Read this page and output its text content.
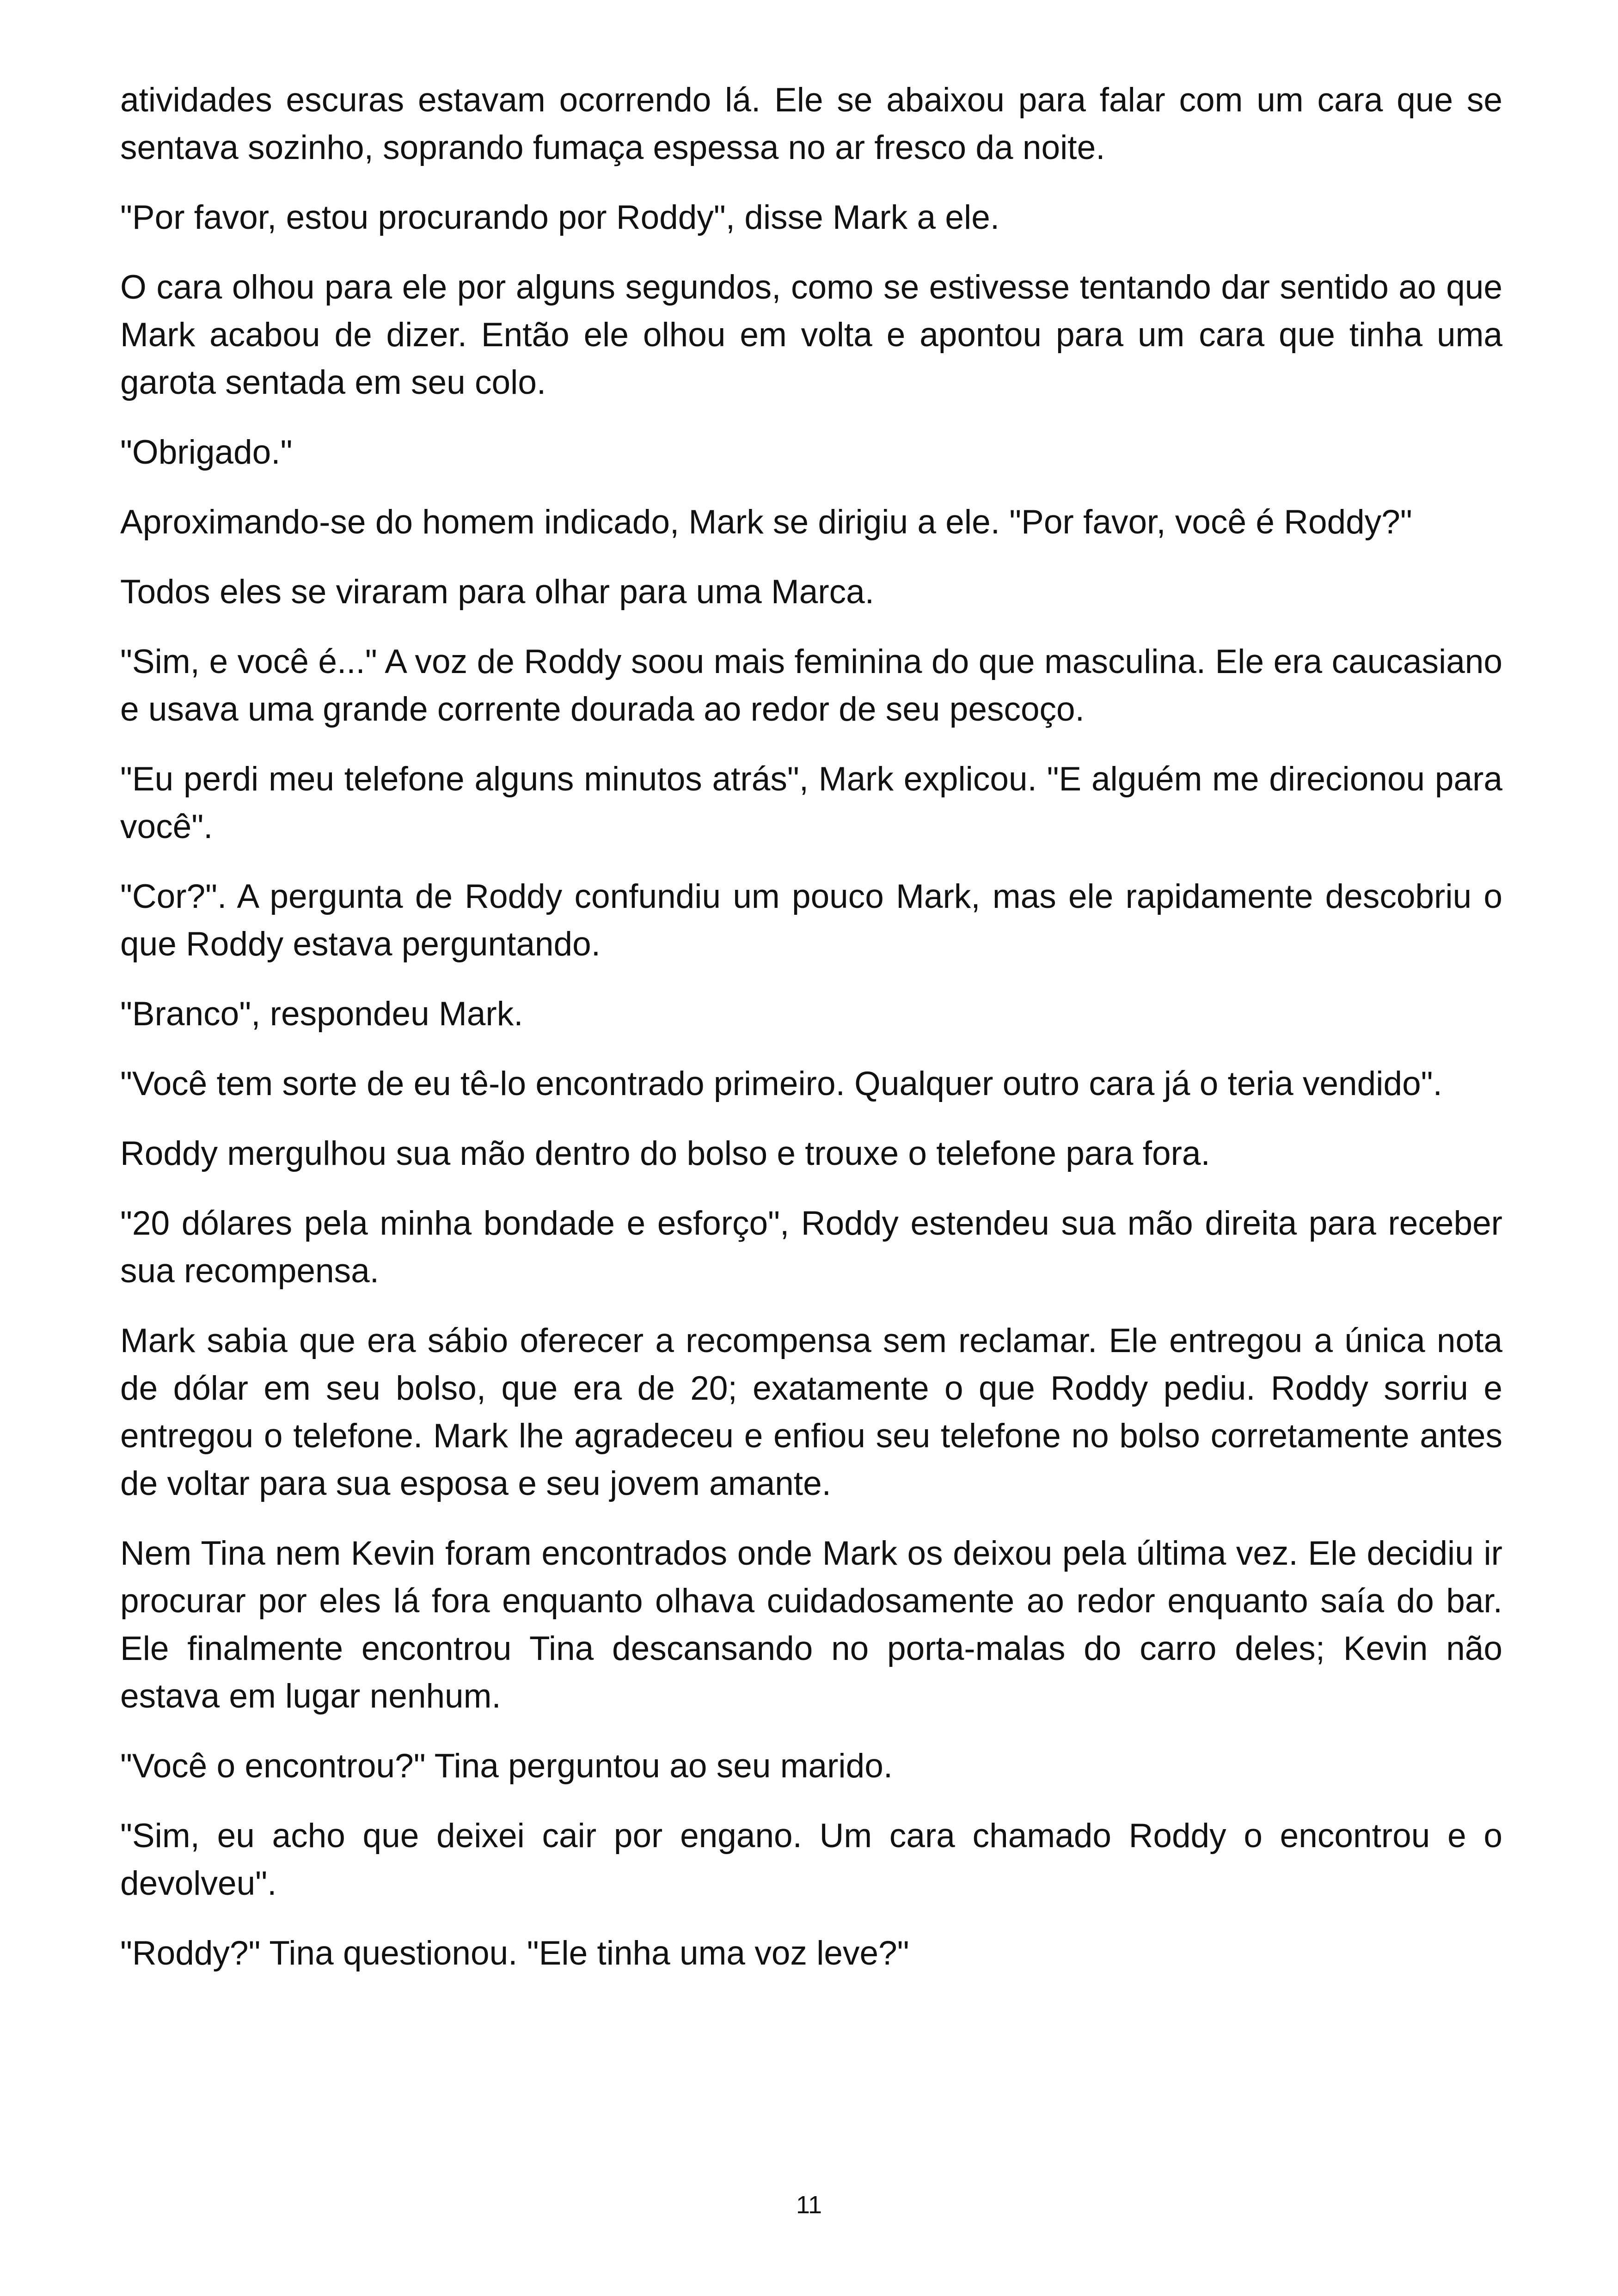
atividades escuras estavam ocorrendo lá. Ele se abaixou para falar com um cara que se sentava sozinho, soprando fumaça espessa no ar fresco da noite.

"Por favor, estou procurando por Roddy", disse Mark a ele.

O cara olhou para ele por alguns segundos, como se estivesse tentando dar sentido ao que Mark acabou de dizer. Então ele olhou em volta e apontou para um cara que tinha uma garota sentada em seu colo.

"Obrigado."

Aproximando-se do homem indicado, Mark se dirigiu a ele. "Por favor, você é Roddy?"

Todos eles se viraram para olhar para uma Marca.

"Sim, e você é..." A voz de Roddy soou mais feminina do que masculina. Ele era caucasiano e usava uma grande corrente dourada ao redor de seu pescoço.

"Eu perdi meu telefone alguns minutos atrás", Mark explicou. "E alguém me direcionou para você".

"Cor?". A pergunta de Roddy confundiu um pouco Mark, mas ele rapidamente descobriu o que Roddy estava perguntando.

"Branco", respondeu Mark.

"Você tem sorte de eu tê-lo encontrado primeiro. Qualquer outro cara já o teria vendido".

Roddy mergulhou sua mão dentro do bolso e trouxe o telefone para fora.

"20 dólares pela minha bondade e esforço", Roddy estendeu sua mão direita para receber sua recompensa.

Mark sabia que era sábio oferecer a recompensa sem reclamar. Ele entregou a única nota de dólar em seu bolso, que era de 20; exatamente o que Roddy pediu. Roddy sorriu e entregou o telefone. Mark lhe agradeceu e enfiou seu telefone no bolso corretamente antes de voltar para sua esposa e seu jovem amante.

Nem Tina nem Kevin foram encontrados onde Mark os deixou pela última vez. Ele decidiu ir procurar por eles lá fora enquanto olhava cuidadosamente ao redor enquanto saía do bar. Ele finalmente encontrou Tina descansando no porta-malas do carro deles; Kevin não estava em lugar nenhum.

"Você o encontrou?" Tina perguntou ao seu marido.

"Sim, eu acho que deixei cair por engano. Um cara chamado Roddy o encontrou e o devolveu".

"Roddy?" Tina questionou. "Ele tinha uma voz leve?"

11
